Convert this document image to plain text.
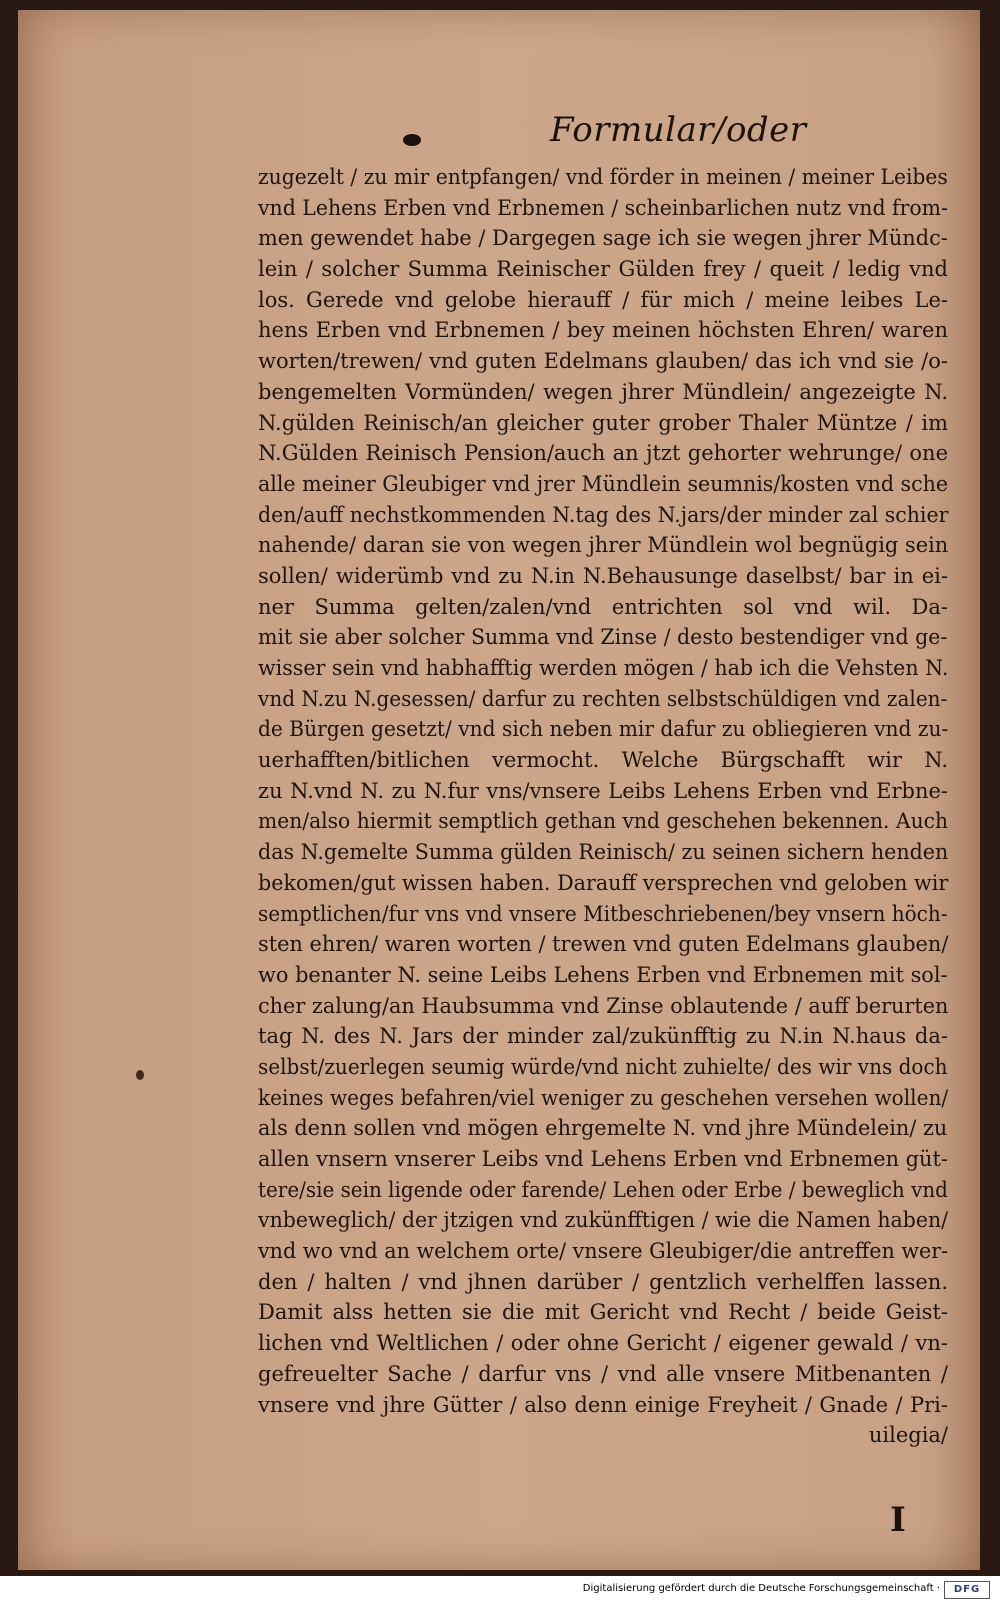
Formular/oder
zugezelt / zu mir entpfangen/ vnd förder in meinen / meiner Leibes
vnd Lehens Erben vnd Erbnemen / scheinbarlichen nutz vnd from-
men gewendet habe / Dargegen sage ich sie wegen jhrer Mündc-
lein / solcher Summa Reinischer Gülden frey / queit / ledig vnd
los. Gerede vnd gelobe hierauff / für mich / meine leibes Le-
hens Erben vnd Erbnemen / bey meinen höchsten Ehren/ waren
worten/trewen/ vnd guten Edelmans glauben/ das ich vnd sie /o-
bengemelten Vormünden/ wegen jhrer Mündlein/ angezeigte N.
N.gülden Reinisch/an gleicher guter grober Thaler Müntze / im
N.Gülden Reinisch Pension/auch an jtzt gehorter wehrunge/ one
alle meiner Gleubiger vnd jrer Mündlein seumnis/kosten vnd sche
den/auff nechstkommenden N.tag des N.jars/der minder zal schier
nahende/ daran sie von wegen jhrer Mündlein wol begnügig sein
sollen/ widerümb vnd zu N.in N.Behausunge daselbst/ bar in ei-
ner Summa gelten/zalen/vnd entrichten sol vnd wil. Da-
mit sie aber solcher Summa vnd Zinse / desto bestendiger vnd ge-
wisser sein vnd habhafftig werden mögen / hab ich die Vehsten N.
vnd N.zu N.gesessen/ darfur zu rechten selbstschüldigen vnd zalen-
de Bürgen gesetzt/ vnd sich neben mir dafur zu obliegieren vnd zu-
uerhafften/bitlichen vermocht. Welche Bürgschafft wir N.
zu N.vnd N. zu N.fur vns/vnsere Leibs Lehens Erben vnd Erbne-
men/also hiermit semptlich gethan vnd geschehen bekennen. Auch
das N.gemelte Summa gülden Reinisch/ zu seinen sichern henden
bekomen/gut wissen haben. Darauff versprechen vnd geloben wir
semptlichen/fur vns vnd vnsere Mitbeschriebenen/bey vnsern höch-
sten ehren/ waren worten / trewen vnd guten Edelmans glauben/
wo benanter N. seine Leibs Lehens Erben vnd Erbnemen mit sol-
cher zalung/an Haubsumma vnd Zinse oblautende / auff berurten
tag N. des N. Jars der minder zal/zukünfftig zu N.in N.haus da-
selbst/zuerlegen seumig würde/vnd nicht zuhielte/ des wir vns doch
keines weges befahren/viel weniger zu geschehen versehen wollen/
als denn sollen vnd mögen ehrgemelte N. vnd jhre Mündelein/ zu
allen vnsern vnserer Leibs vnd Lehens Erben vnd Erbnemen güt-
tere/sie sein ligende oder farende/ Lehen oder Erbe / beweglich vnd
vnbeweglich/ der jtzigen vnd zukünfftigen / wie die Namen haben/
vnd wo vnd an welchem orte/ vnsere Gleubiger/die antreffen wer-
den / halten / vnd jhnen darüber / gentzlich verhelffen lassen.
Damit alss hetten sie die mit Gericht vnd Recht / beide Geist-
lichen vnd Weltlichen / oder ohne Gericht / eigener gewald / vn-
gefreuelter Sache / darfur vns / vnd alle vnsere Mitbenanten /
vnsere vnd jhre Gütter / also denn einige Freyheit / Gnade / Pri-
uilegia/
I
Digitalisierung gefördert durch die Deutsche Forschungsgemeinschaft ·	DFG
